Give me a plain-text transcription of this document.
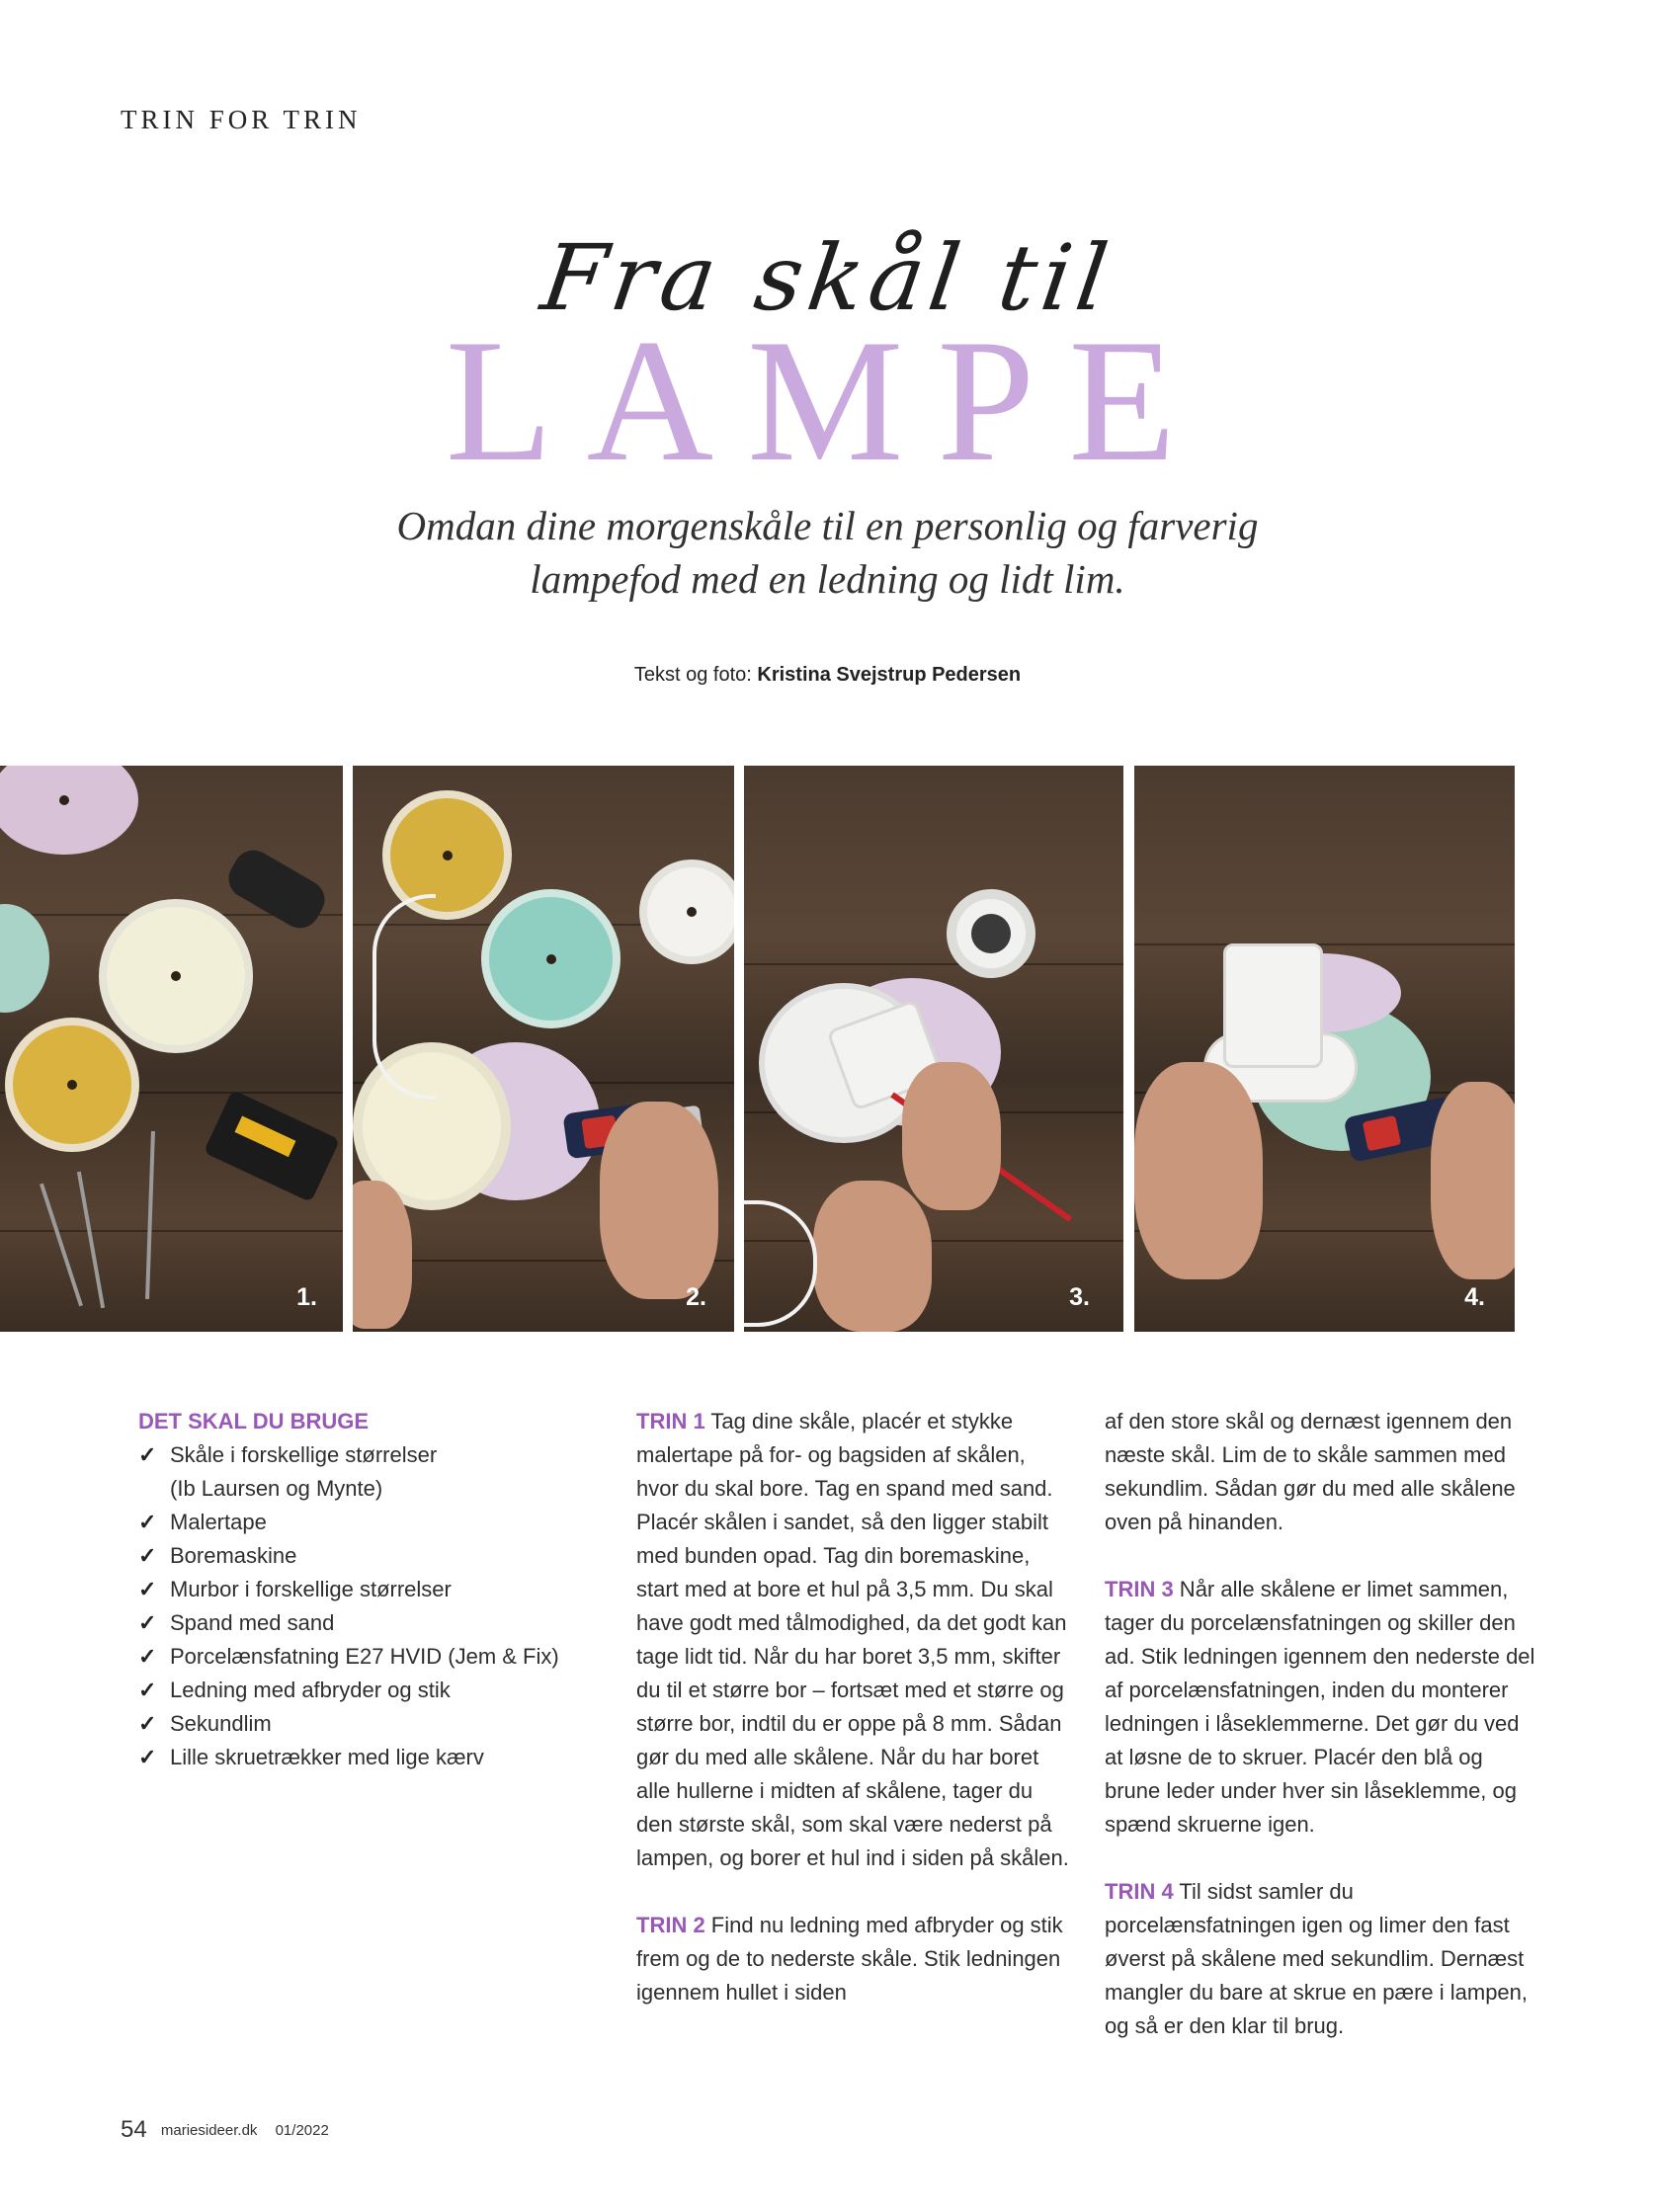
TRIN FOR TRIN
Fra skål til
LAMPE
Omdan dine morgenskåle til en personlig og farverig
lampefod med en ledning og lidt lim.
Tekst og foto: Kristina Svejstrup Pedersen
1.	2.	3.	4.
DET SKAL DU BRUGE
✓ Skåle i forskellige størrelser
(Ib Laursen og Mynte)
✓ Malertape
✓ Boremaskine
✓ Murbor i forskellige størrelser
✓ Spand med sand
✓ Porcelænsfatning E27 HVID (Jem & Fix)
✓ Ledning med afbryder og stik
✓ Sekundlim
✓ Lille skruetrækker med lige kærv

TRIN 1 Tag dine skåle, placér et stykke malertape på for- og bagsiden af skålen, hvor du skal bore. Tag en spand med sand. Placér skålen i sandet, så den ligger stabilt med bunden opad. Tag din boremaskine, start med at bore et hul på 3,5 mm. Du skal have godt med tålmodighed, da det godt kan tage lidt tid. Når du har boret 3,5 mm, skifter du til et større bor – fortsæt med et større og større bor, indtil du er oppe på 8 mm. Sådan gør du med alle skålene. Når du har boret alle hullerne i midten af skålene, tager du den største skål, som skal være nederst på lampen, og borer et hul ind i siden på skålen.

TRIN 2 Find nu ledning med afbryder og stik frem og de to nederste skåle. Stik ledningen igennem hullet i siden

af den store skål og dernæst igennem den næste skål. Lim de to skåle sammen med sekundlim. Sådan gør du med alle skålene oven på hinanden.

TRIN 3 Når alle skålene er limet sammen, tager du porcelænsfatningen og skiller den ad. Stik ledningen igennem den nederste del af porcelænsfatningen, inden du monterer ledningen i låseklemmerne. Det gør du ved at løsne de to skruer. Placér den blå og brune leder under hver sin låseklemme, og spænd skruerne igen.

TRIN 4 Til sidst samler du porcelænsfatningen igen og limer den fast øverst på skålene med sekundlim. Dernæst mangler du bare at skrue en pære i lampen, og så er den klar til brug.

54 mariesideer.dk 01/2022
